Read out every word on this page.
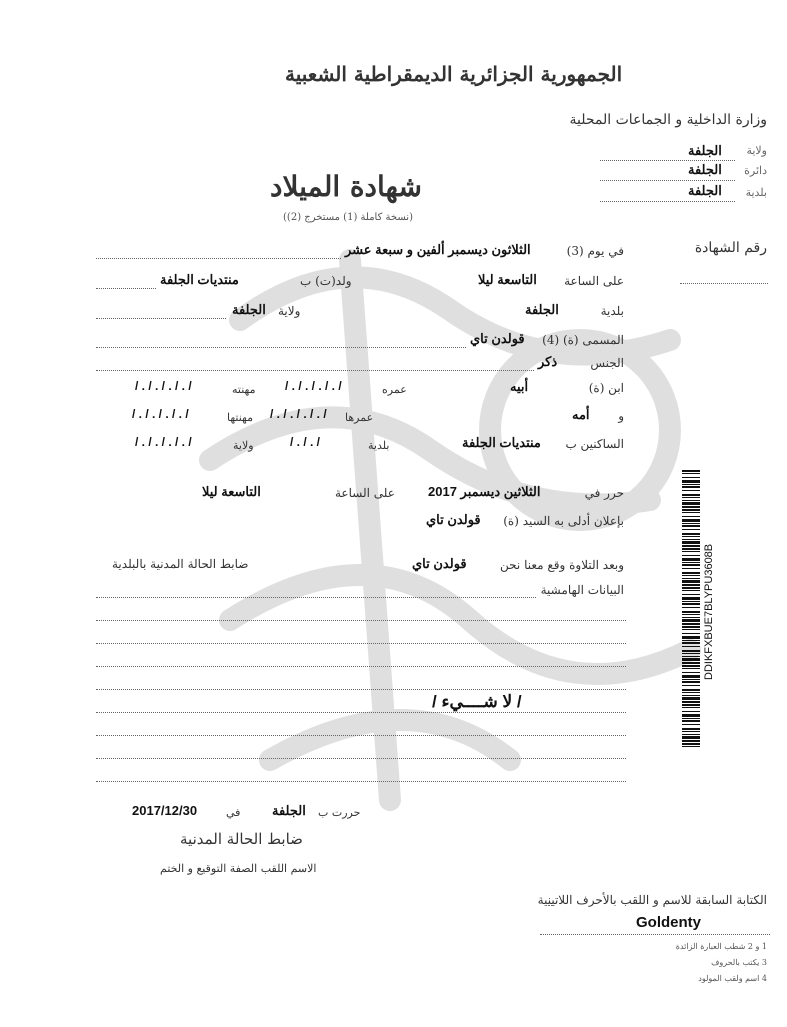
الجمهورية الجزائرية الديمقراطية الشعبية
وزارة الداخلية و الجماعات المحلية
ولاية
الجلفة
دائرة
الجلفة
بلدية
الجلفة
شهادة الميلاد
(نسخة كاملة (1) مستخرج (2))
رقم الشهادة
في يوم (3)
الثلاثون ديسمبر ألفين و سبعة عشر
على الساعة
التاسعة ليلا
ولد(ت) ب
منتديات الجلفة
بلدية
الجلفة
ولاية
الجلفة
المسمى (ة) (4)
قولدن تاي
الجنس
ذكر
ابن (ة)
أبيه
عمره
/ . / . / . / . /
مهنته
/ . / . / . / . /
و
أمه
عمرها
/ . / . / . / . /
مهنتها
/ . / . / . / . /
الساكنين ب
منتديات الجلفة
بلدية
/ . / . /
ولاية
/ . / . / . / . /
حرر في
الثلاثين ديسمبر 2017
على الساعة
التاسعة ليلا
بإعلان أدلى به السيد (ة)
قولدن تاي
وبعد التلاوة وقع معنا نحن
قولدن تاي
ضابط الحالة المدنية بالبلدية
البيانات الهامشية
/ لا شــــيء /
حررت ب
الجلفة
في
2017/12/30
ضابط الحالة المدنية
الاسم اللقب الصفة التوقيع و الختم
الكتابة السابقة للاسم و اللقب بالأحرف اللاتينية
Goldenty
1 و 2 شطب العبارة الزائدة
3 يكتب بالحروف
4 اسم ولقب المولود
DDIKFXBUE7BLYPU3608B
